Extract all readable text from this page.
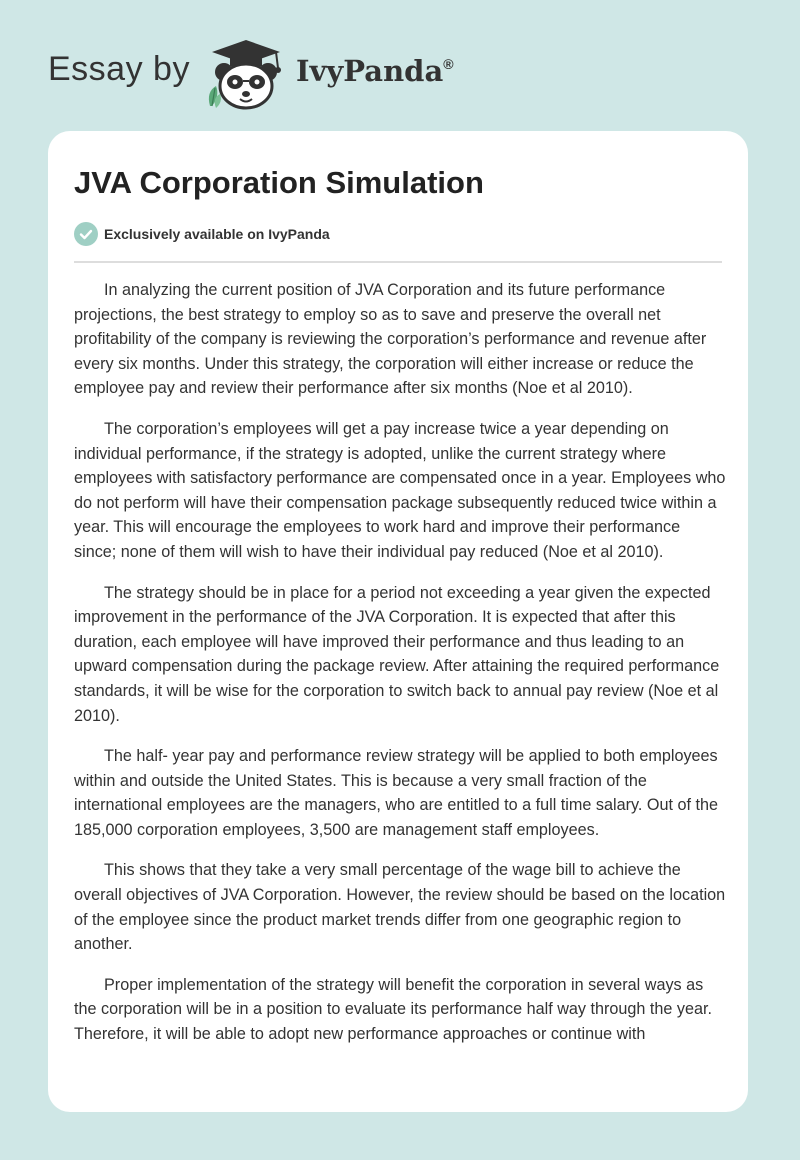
Essay by	IvyPanda®
JVA Corporation Simulation
Exclusively available on IvyPanda

In analyzing the current position of JVA Corporation and its future performance projections, the best strategy to employ so as to save and preserve the overall net profitability of the company is reviewing the corporation’s performance and revenue after every six months. Under this strategy, the corporation will either increase or reduce the employee pay and review their performance after six months (Noe et al 2010).

The corporation’s employees will get a pay increase twice a year depending on individual performance, if the strategy is adopted, unlike the current strategy where employees with satisfactory performance are compensated once in a year. Employees who do not perform will have their compensation package subsequently reduced twice within a year. This will encourage the employees to work hard and improve their performance since; none of them will wish to have their individual pay reduced (Noe et al 2010).

The strategy should be in place for a period not exceeding a year given the expected improvement in the performance of the JVA Corporation. It is expected that after this duration, each employee will have improved their performance and thus leading to an upward compensation during the package review. After attaining the required performance standards, it will be wise for the corporation to switch back to annual pay review (Noe et al 2010).

The half- year pay and performance review strategy will be applied to both employees within and outside the United States. This is because a very small fraction of the international employees are the managers, who are entitled to a full time salary. Out of the 185,000 corporation employees, 3,500 are management staff employees.

This shows that they take a very small percentage of the wage bill to achieve the overall objectives of JVA Corporation. However, the review should be based on the location of the employee since the product market trends differ from one geographic region to another.

Proper implementation of the strategy will benefit the corporation in several ways as the corporation will be in a position to evaluate its performance half way through the year. Therefore, it will be able to adopt new performance approaches or continue with
